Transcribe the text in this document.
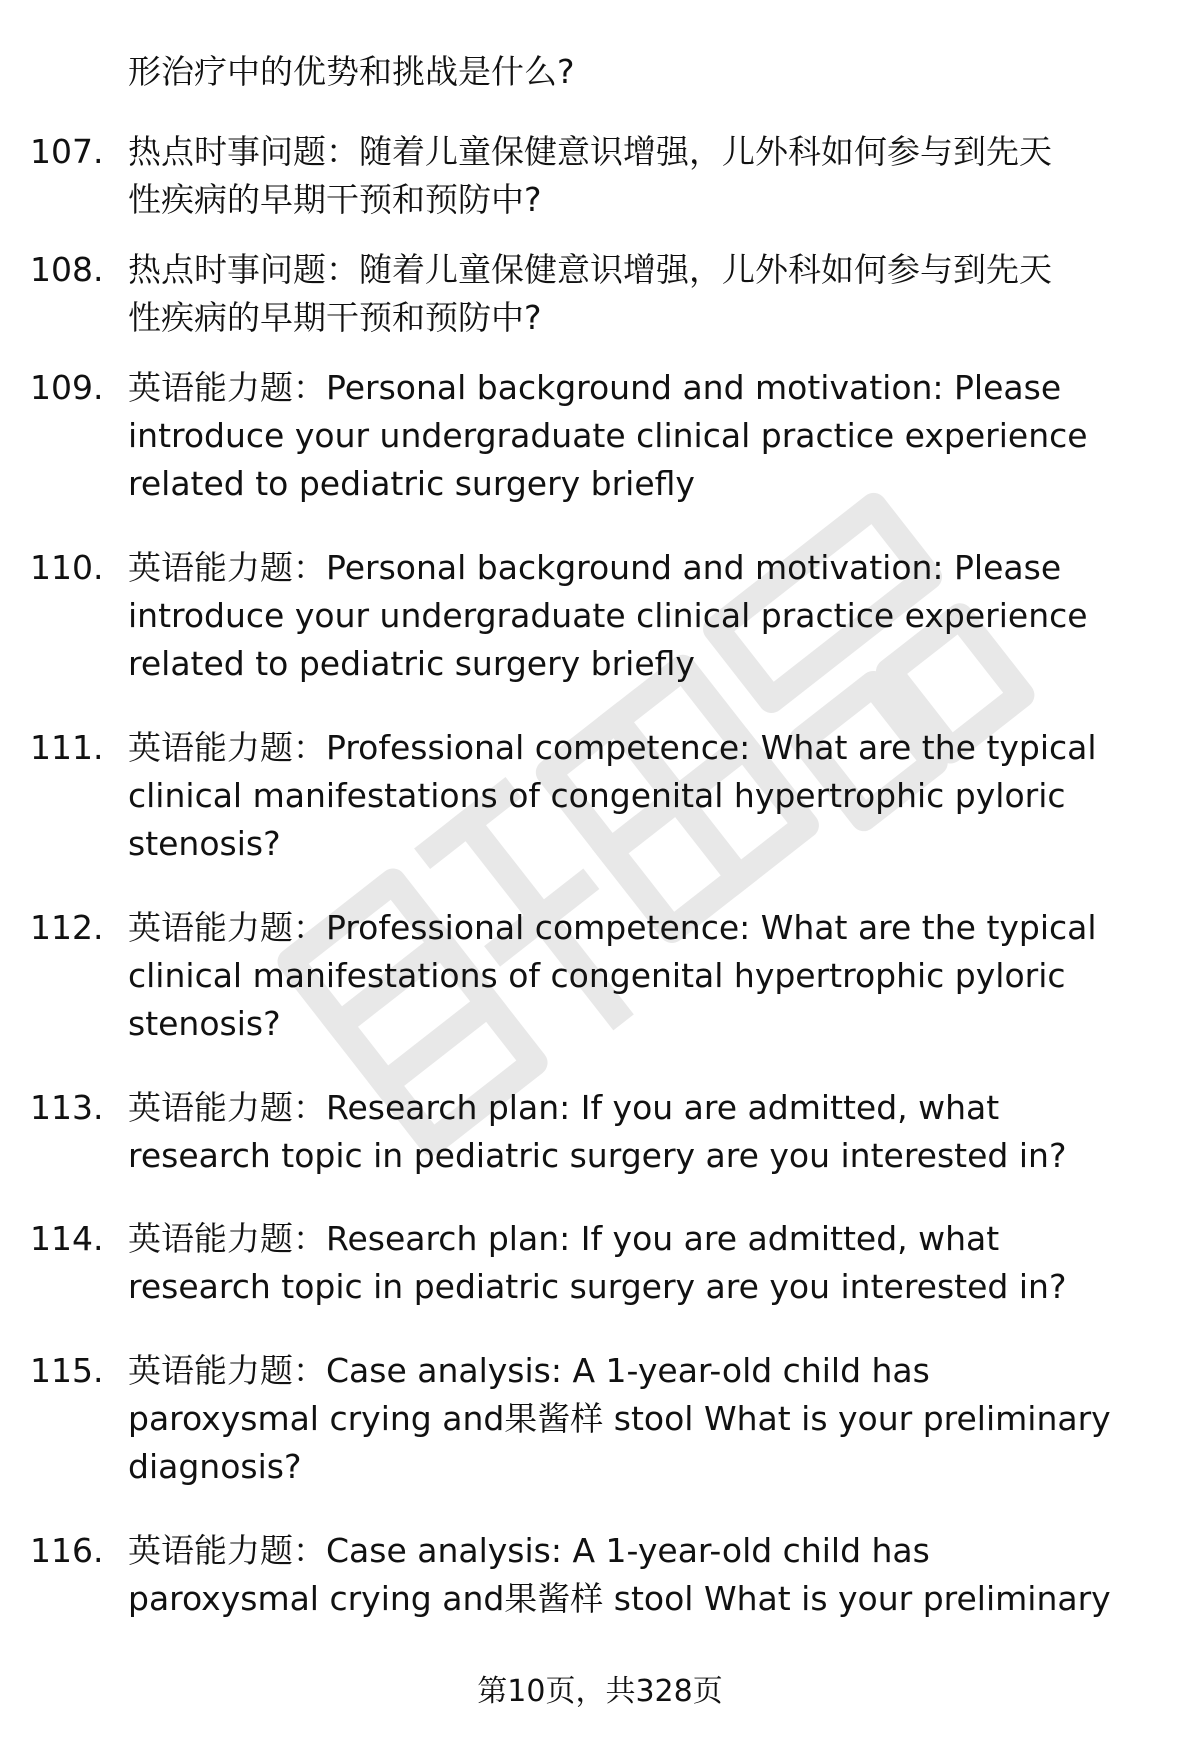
形治疗中的优势和挑战是什么?
107. 热点时事问题：随着儿童保健意识增强，儿外科如何参与到先天
性疾病的早期干预和预防中?
108. 热点时事问题：随着儿童保健意识增强，儿外科如何参与到先天
性疾病的早期干预和预防中?
109. 英语能力题：Personal background and motivation: Please
introduce your undergraduate clinical practice experience
related to pediatric surgery briefly
110. 英语能力题：Personal background and motivation: Please
introduce your undergraduate clinical practice experience
related to pediatric surgery briefly
111. 英语能力题：Professional competence: What are the typical
clinical manifestations of congenital hypertrophic pyloric
stenosis?
112. 英语能力题：Professional competence: What are the typical
clinical manifestations of congenital hypertrophic pyloric
stenosis?
113. 英语能力题：Research plan: If you are admitted, what
research topic in pediatric surgery are you interested in?
114. 英语能力题：Research plan: If you are admitted, what
research topic in pediatric surgery are you interested in?
115. 英语能力题：Case analysis: A 1-year-old child has
paroxysmal crying and果酱样 stool What is your preliminary
diagnosis?
116. 英语能力题：Case analysis: A 1-year-old child has
paroxysmal crying and果酱样 stool What is your preliminary
第10页，共328页
